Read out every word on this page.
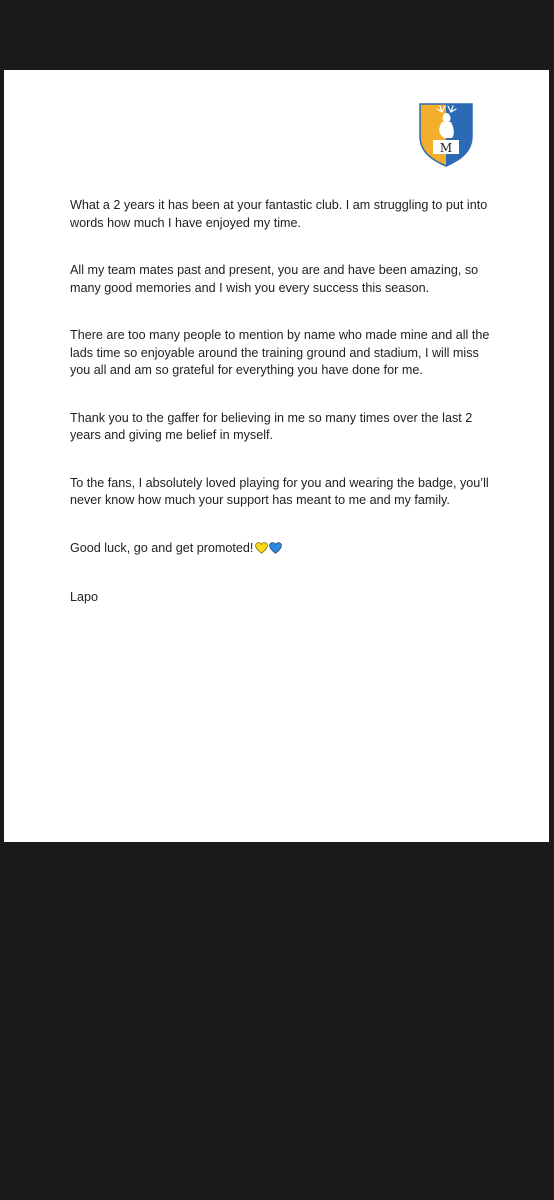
M

What a 2 years it has been at your fantastic club. I am struggling to put into words how much I have enjoyed my time.

All my team mates past and present, you are and have been amazing, so many good memories and I wish you every success this season.

There are too many people to mention by name who made mine and all the lads time so enjoyable around the training ground and stadium, I will miss you all and am so grateful for everything you have done for me.

Thank you to the gaffer for believing in me so many times over the last 2 years and giving me belief in myself.

To the fans, I absolutely loved playing for you and wearing the badge, you’ll never know how much your support has meant to me and my family.

Good luck, go and get promoted!

Lapo
